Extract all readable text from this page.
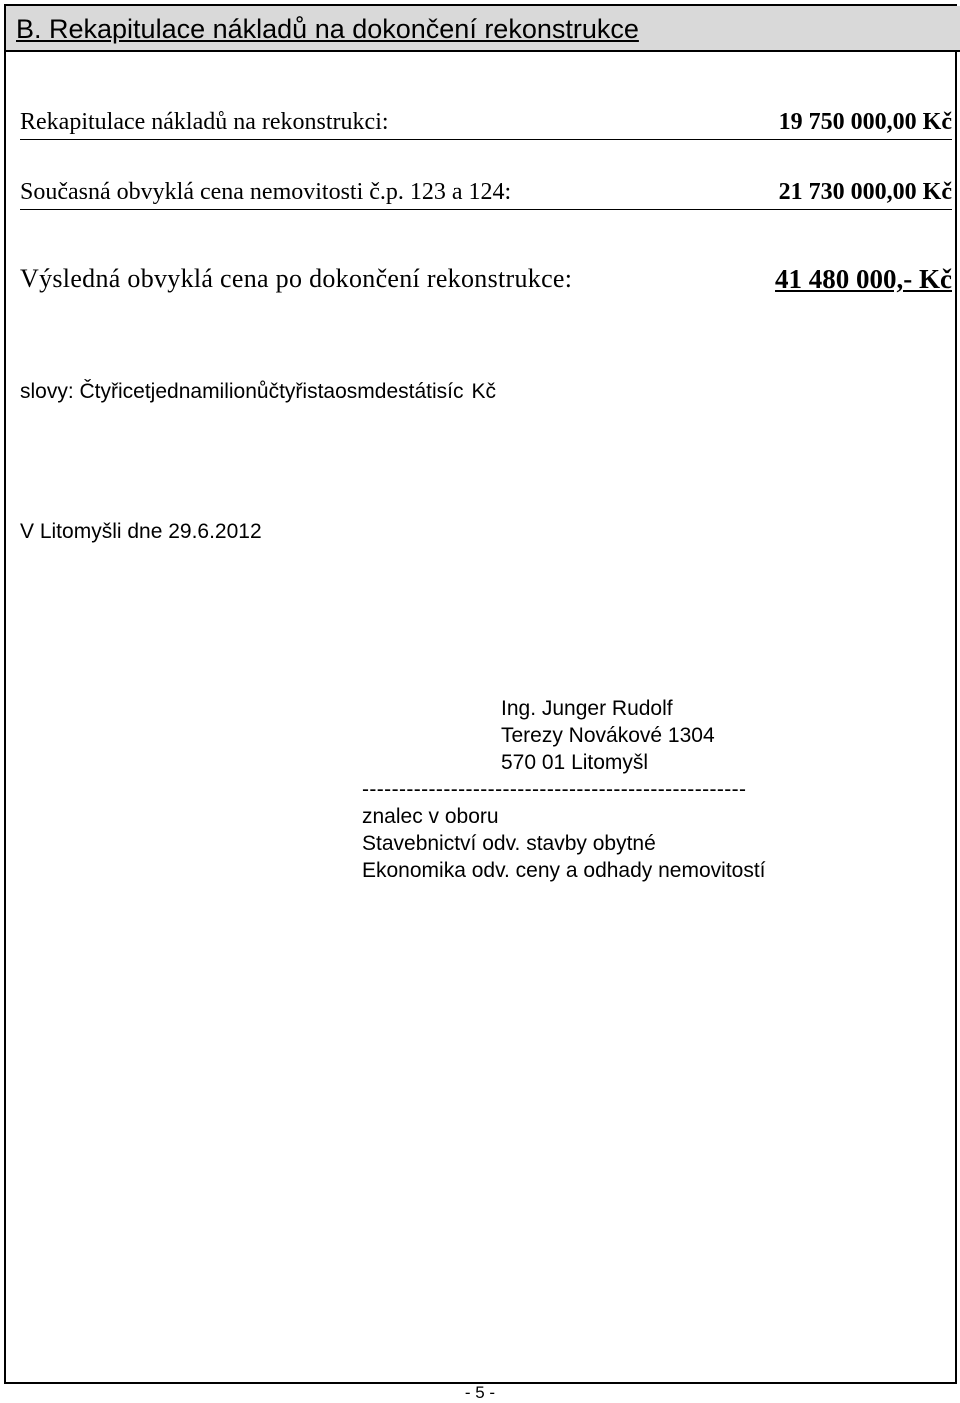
B. Rekapitulace nákladů na dokončení rekonstrukce
Rekapitulace nákladů na rekonstrukci:	19 750 000,00 Kč
Současná obvyklá cena nemovitosti č.p. 123 a 124:	21 730 000,00 Kč
Výsledná obvyklá cena po dokončení rekonstrukce:	41 480 000,- Kč
slovy: Čtyřicetjednamilionůčtyřistaosmdestátisíc Kč
V Litomyšli dne 29.6.2012
Ing. Junger Rudolf
Terezy Novákové 1304
570 01 Litomyšl
----------------------------------------------------
znalec v oboru
Stavebnictví odv. stavby obytné
Ekonomika odv. ceny a odhady nemovitostí
- 5 -
